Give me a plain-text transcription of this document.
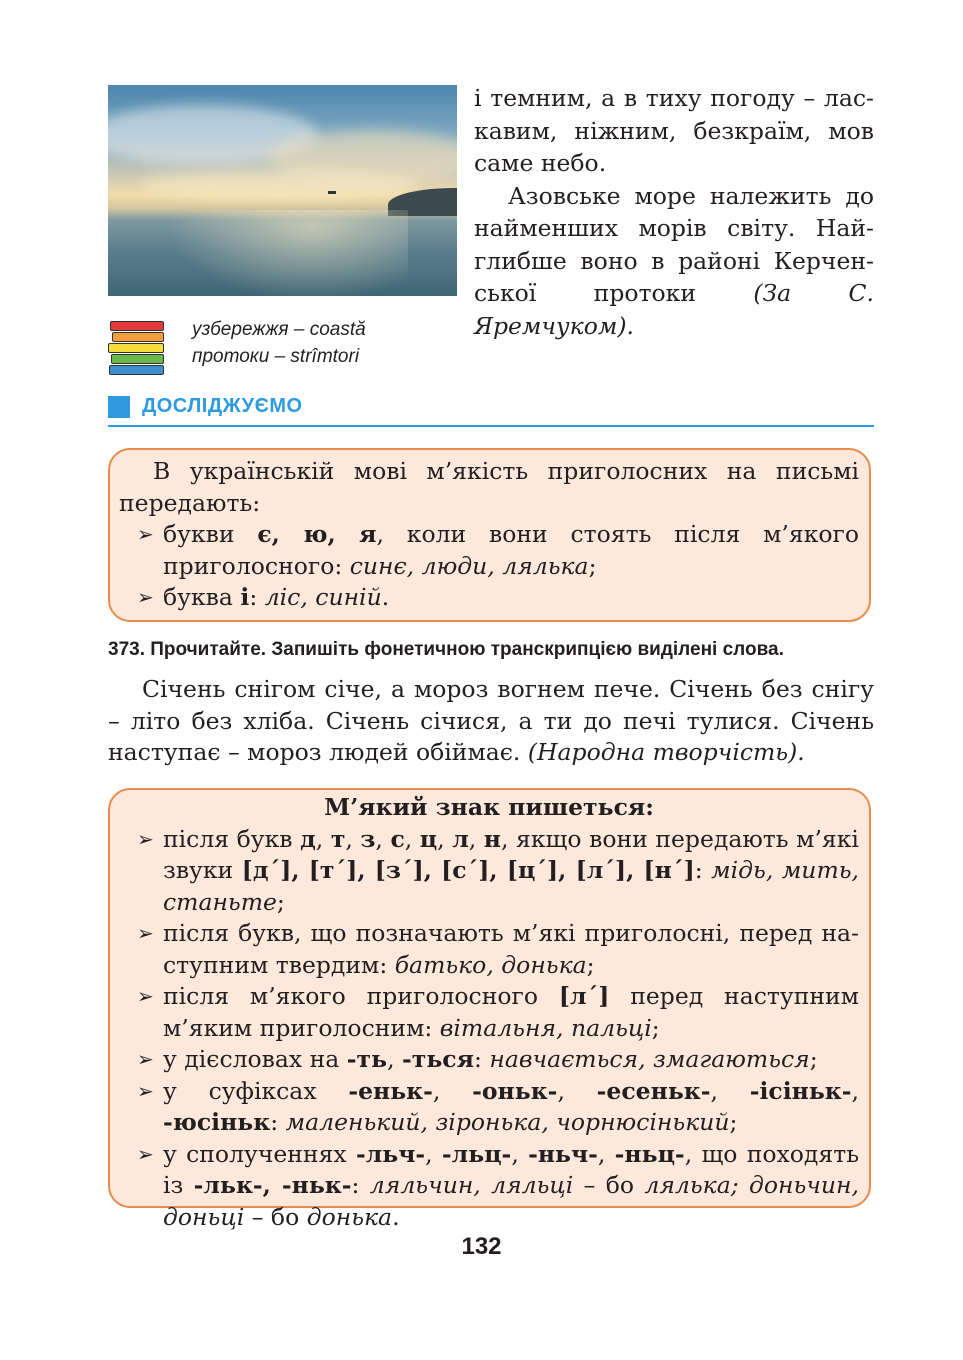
і темним, а в тиху погоду – ласкавим, ніжним, безкраїм, мов саме небо.

Азовське море належить до найменших морів світу. Найглибше воно в районі Керченської протоки (За С. Яремчуком).

узбережжя – coastă
протоки – strîmtori
ДОСЛІДЖУЄМО

В українській мові м’якість приголосних на письмі передають:

➢ букви є, ю, я, коли вони стоять після м’якого приголосного: синє, люди, лялька;

➢ буква і: ліс, синій.

373. Прочитайте. Запишіть фонетичною транскрипцією виділені слова.

Січень снігом січе, а мороз вогнем пече. Січень без снігу – літо без хліба. Січень січися, а ти до печі тулися. Січень наступає – мороз людей обіймає. (Народна творчість).

М’який знак пишеться:

➢ після букв д, т, з, с, ц, л, н, якщо вони передають м’які звуки [д´], [т´], [з´], [с´], [ц´], [л´], [н´]: мідь, мить, станьте;

➢ після букв, що позначають м’які приголосні, перед наступним твердим: батько, донька;

➢ після м’якого приголосного [л´] перед наступним м’яким приголосним: вітальня, пальці;

➢ у дієсловах на -ть, -ться: навчається, змагаються;

➢ у суфіксах -еньк-, -оньк-, -есеньк-, -ісіньк-, -юсіньк: маленький, зіронька, чорнюсінький;

➢ у сполученнях -льч-, -льц-, -ньч-, -ньц-, що походять із -льк-, -ньк-: ляльчин, ляльці – бо лялька; доньчин, доньці – бо донька.

132
